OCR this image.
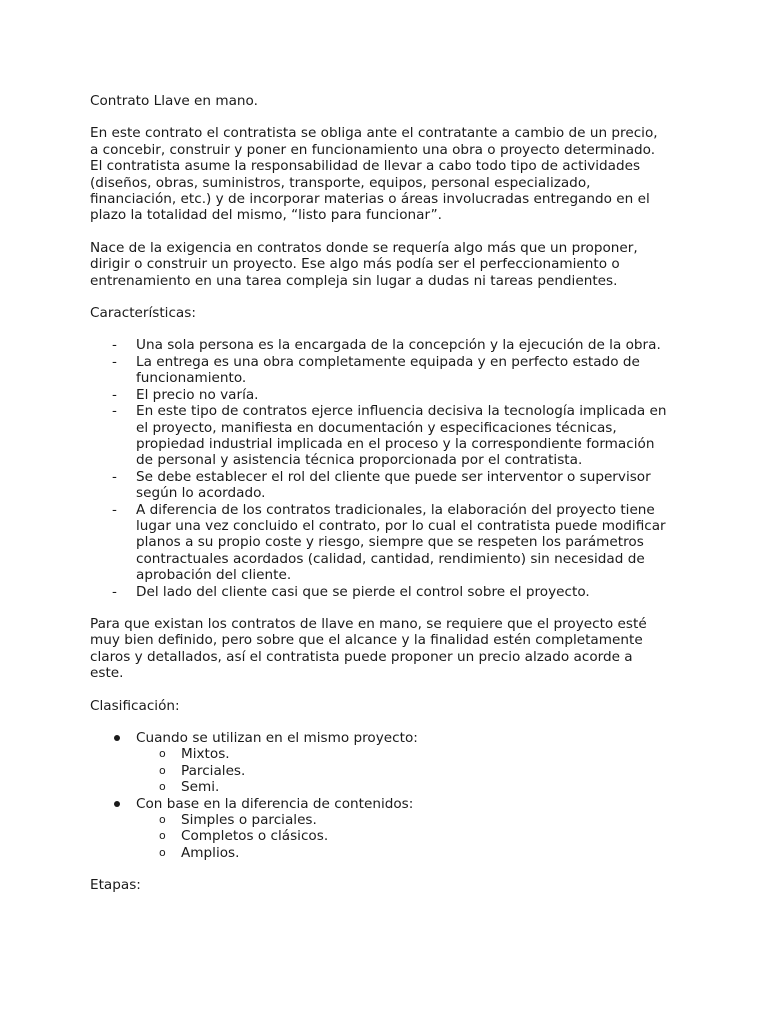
Contrato Llave en mano.

En este contrato el contratista se obliga ante el contratante a cambio de un precio, a concebir, construir y poner en funcionamiento una obra o proyecto determinado. El contratista asume la responsabilidad de llevar a cabo todo tipo de actividades (diseños, obras, suministros, transporte, equipos, personal especializado, financiación, etc.) y de incorporar materias o áreas involucradas entregando en el plazo la totalidad del mismo, “listo para funcionar”.

Nace de la exigencia en contratos donde se requería algo más que un proponer, dirigir o construir un proyecto. Ese algo más podía ser el perfeccionamiento o entrenamiento en una tarea compleja sin lugar a dudas ni tareas pendientes.

Características:

- Una sola persona es la encargada de la concepción y la ejecución de la obra.
- La entrega es una obra completamente equipada y en perfecto estado de funcionamiento.
- El precio no varía.
- En este tipo de contratos ejerce influencia decisiva la tecnología implicada en el proyecto, manifiesta en documentación y especificaciones técnicas, propiedad industrial implicada en el proceso y la correspondiente formación de personal y asistencia técnica proporcionada por el contratista.
- Se debe establecer el rol del cliente que puede ser interventor o supervisor según lo acordado.
- A diferencia de los contratos tradicionales, la elaboración del proyecto tiene lugar una vez concluido el contrato, por lo cual el contratista puede modificar planos a su propio coste y riesgo, siempre que se respeten los parámetros contractuales acordados (calidad, cantidad, rendimiento) sin necesidad de aprobación del cliente.
- Del lado del cliente casi que se pierde el control sobre el proyecto.

Para que existan los contratos de llave en mano, se requiere que el proyecto esté muy bien definido, pero sobre que el alcance y la finalidad estén completamente claros y detallados, así el contratista puede proponer un precio alzado acorde a este.

Clasificación:

Cuando se utilizan en el mismo proyecto:
o Mixtos.
o Parciales.
o Semi.
Con base en la diferencia de contenidos:
o Simples o parciales.
o Completos o clásicos.
o Amplios.

Etapas:
